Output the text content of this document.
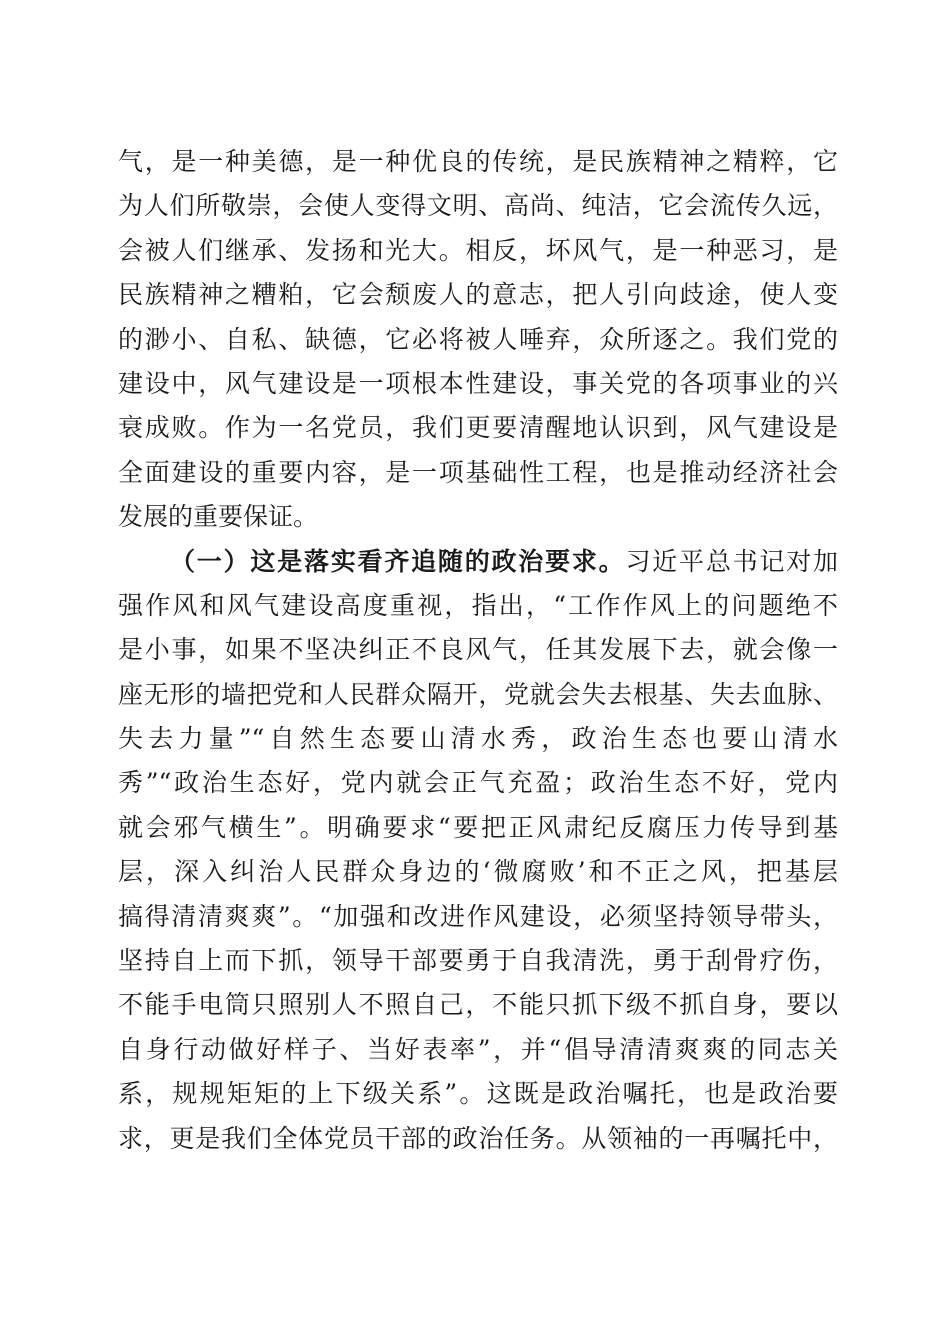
气，是一种美德，是一种优良的传统，是民族精神之精粹，它
为人们所敬崇，会使人变得文明、高尚、纯洁，它会流传久远，
会被人们继承、发扬和光大。相反，坏风气，是一种恶习，是
民族精神之糟粕，它会颓废人的意志，把人引向歧途，使人变
的渺小、自私、缺德，它必将被人唾弃，众所逐之。我们党的
建设中，风气建设是一项根本性建设，事关党的各项事业的兴
衰成败。作为一名党员，我们更要清醒地认识到，风气建设是
全面建设的重要内容，是一项基础性工程，也是推动经济社会
发展的重要保证。
（一）这是落实看齐追随的政治要求。习近平总书记对加
强作风和风气建设高度重视，指出，“工作作风上的问题绝不
是小事，如果不坚决纠正不良风气，任其发展下去，就会像一
座无形的墙把党和人民群众隔开，党就会失去根基、失去血脉、
失去力量”“自然生态要山清水秀，政治生态也要山清水
秀”“政治生态好，党内就会正气充盈；政治生态不好，党内
就会邪气横生”。明确要求“要把正风肃纪反腐压力传导到基
层，深入纠治人民群众身边的‘微腐败’和不正之风，把基层
搞得清清爽爽”。“加强和改进作风建设，必须坚持领导带头，
坚持自上而下抓，领导干部要勇于自我清洗，勇于刮骨疗伤，
不能手电筒只照别人不照自己，不能只抓下级不抓自身，要以
自身行动做好样子、当好表率”，并“倡导清清爽爽的同志关
系，规规矩矩的上下级关系”。这既是政治嘱托，也是政治要
求，更是我们全体党员干部的政治任务。从领袖的一再嘱托中，
